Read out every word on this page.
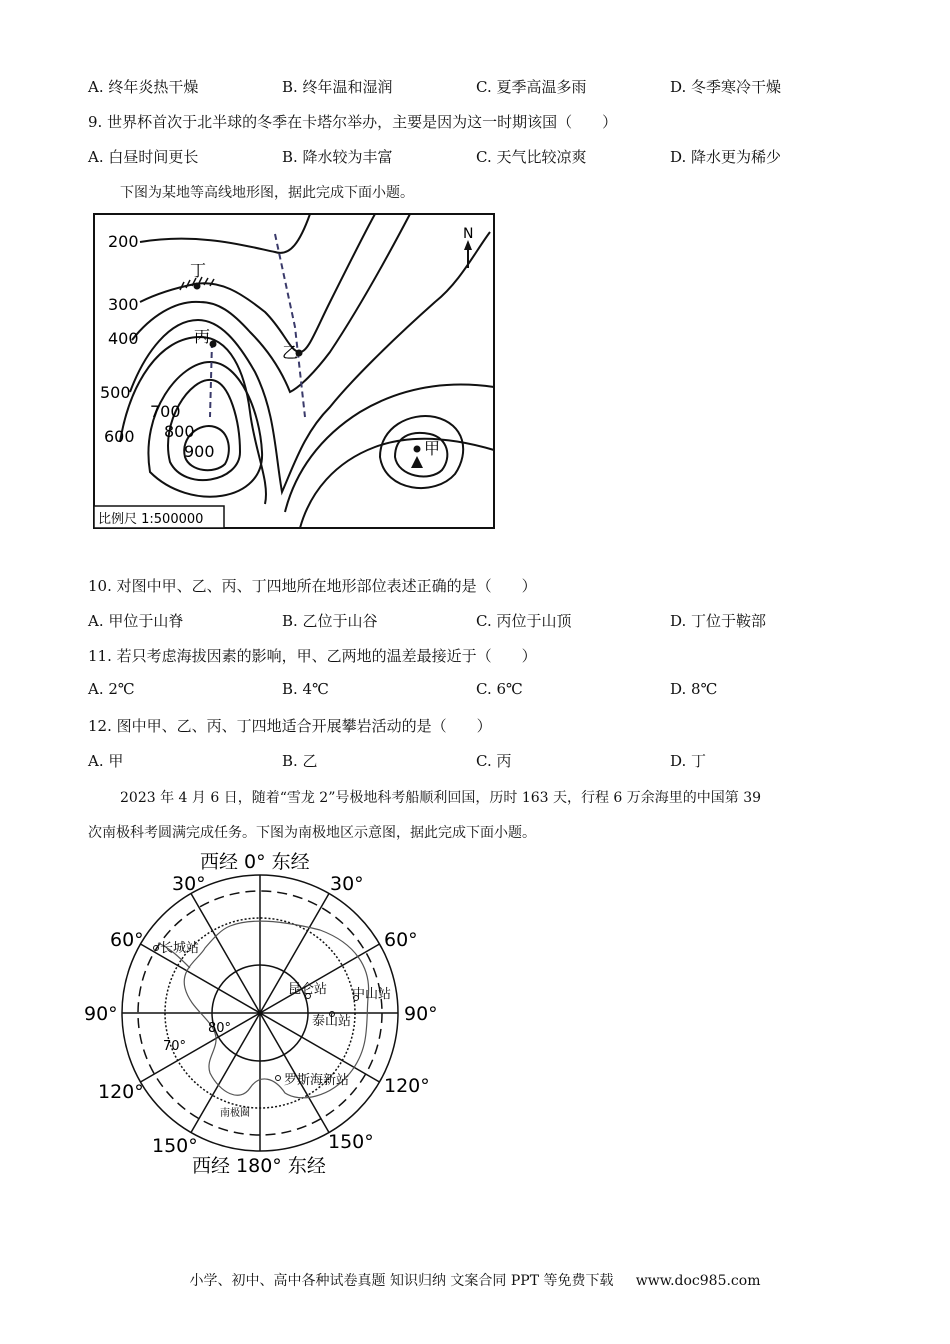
A. 终年炎热干燥	B. 终年温和湿润	C. 夏季高温多雨	D. 冬季寒冷干燥
9. 世界杯首次于北半球的冬季在卡塔尔举办，主要是因为这一时期该国（　　）
A. 白昼时间更长	B. 降水较为丰富	C. 天气比较凉爽	D. 降水更为稀少
下图为某地等高线地形图，据此完成下面小题。
N
200
300
400
500
600
700
800
900
丁
丙
乙
甲
比例尺 1:500000
10. 对图中甲、乙、丙、丁四地所在地形部位表述正确的是（　　）
A. 甲位于山脊	B. 乙位于山谷	C. 丙位于山顶	D. 丁位于鞍部
11. 若只考虑海拔因素的影响，甲、乙两地的温差最接近于（　　）
A. 2℃	B. 4℃	C. 6℃	D. 8℃
12. 图中甲、乙、丙、丁四地适合开展攀岩活动的是（　　）
A. 甲	B. 乙	C. 丙	D. 丁
2023 年 4 月 6 日，随着“雪龙 2”号极地科考船顺利回国，历时 163 天，行程 6 万余海里的中国第 39
次南极科考圆满完成任务。下图为南极地区示意图，据此完成下面小题。
长城站
昆仑站 中山站
泰山站
罗斯海新站
80°
70°
南极圈
西经 0° 东经
西经 180° 东经
30°	30°
60°	60°
90°	90°
120°	120°
150°	150°
小学、初中、高中各种试卷真题 知识归纳 文案合同 PPT 等免费下载 www.doc985.com
